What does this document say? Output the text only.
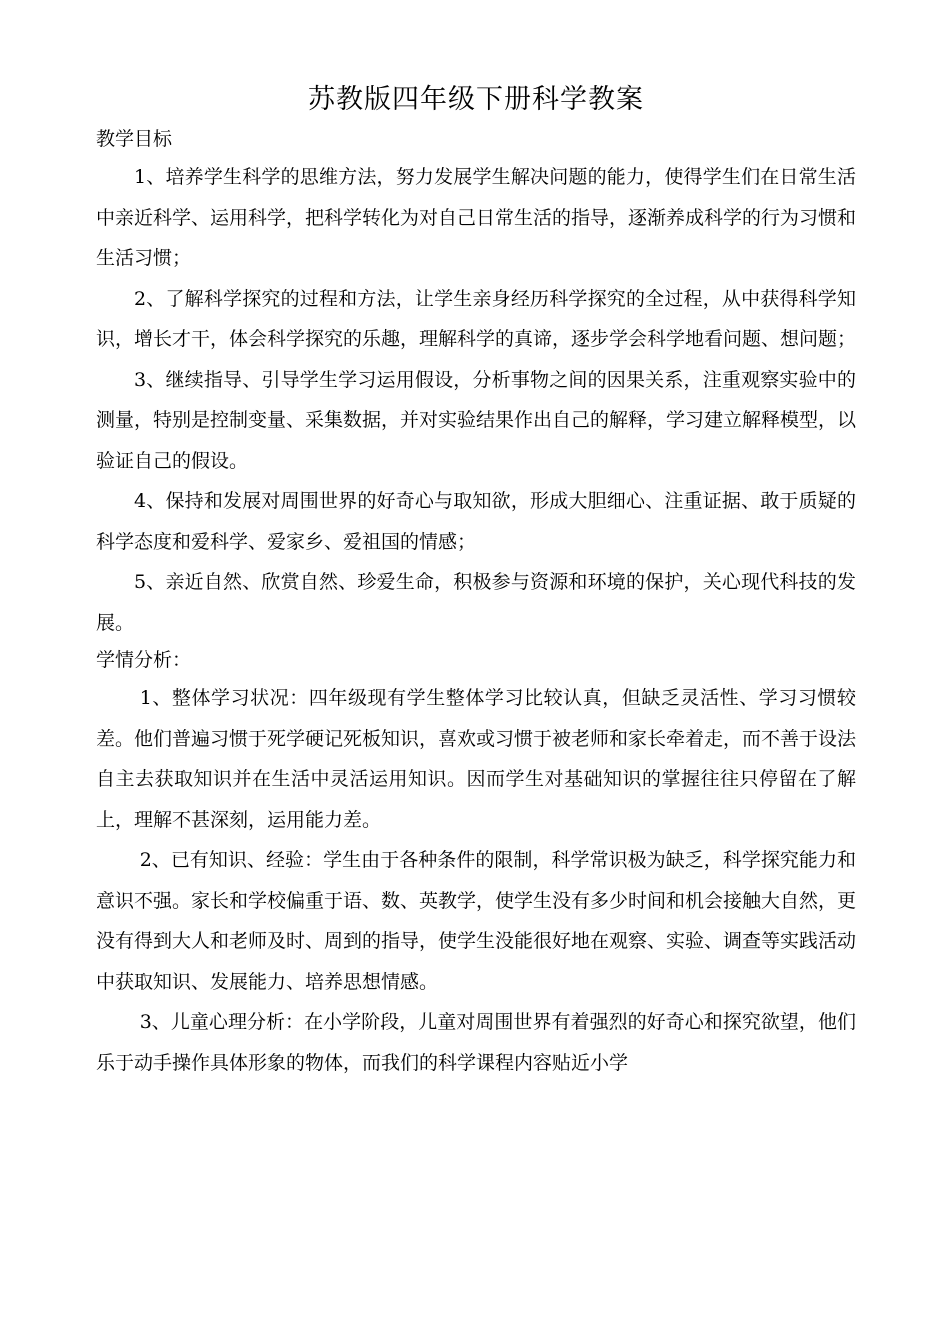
苏教版四年级下册科学教案

教学目标

1、培养学生科学的思维方法，努力发展学生解决问题的能力，使得学生们在日常生活中亲近科学、运用科学，把科学转化为对自己日常生活的指导，逐渐养成科学的行为习惯和生活习惯；

2、了解科学探究的过程和方法，让学生亲身经历科学探究的全过程，从中获得科学知识，增长才干，体会科学探究的乐趣，理解科学的真谛，逐步学会科学地看问题、想问题；

3、继续指导、引导学生学习运用假设，分析事物之间的因果关系，注重观察实验中的测量，特别是控制变量、采集数据，并对实验结果作出自己的解释，学习建立解释模型，以验证自己的假设。

4、保持和发展对周围世界的好奇心与取知欲，形成大胆细心、注重证据、敢于质疑的科学态度和爱科学、爱家乡、爱祖国的情感；

5、亲近自然、欣赏自然、珍爱生命，积极参与资源和环境的保护，关心现代科技的发展。

学情分析：

1、整体学习状况：四年级现有学生整体学习比较认真，但缺乏灵活性、学习习惯较差。他们普遍习惯于死学硬记死板知识，喜欢或习惯于被老师和家长牵着走，而不善于设法自主去获取知识并在生活中灵活运用知识。因而学生对基础知识的掌握往往只停留在了解上，理解不甚深刻，运用能力差。

2、已有知识、经验：学生由于各种条件的限制，科学常识极为缺乏，科学探究能力和意识不强。家长和学校偏重于语、数、英教学，使学生没有多少时间和机会接触大自然，更没有得到大人和老师及时、周到的指导，使学生没能很好地在观察、实验、调查等实践活动中获取知识、发展能力、培养思想情感。

3、儿童心理分析：在小学阶段，儿童对周围世界有着强烈的好奇心和探究欲望，他们乐于动手操作具体形象的物体，而我们的科学课程内容贴近小学
